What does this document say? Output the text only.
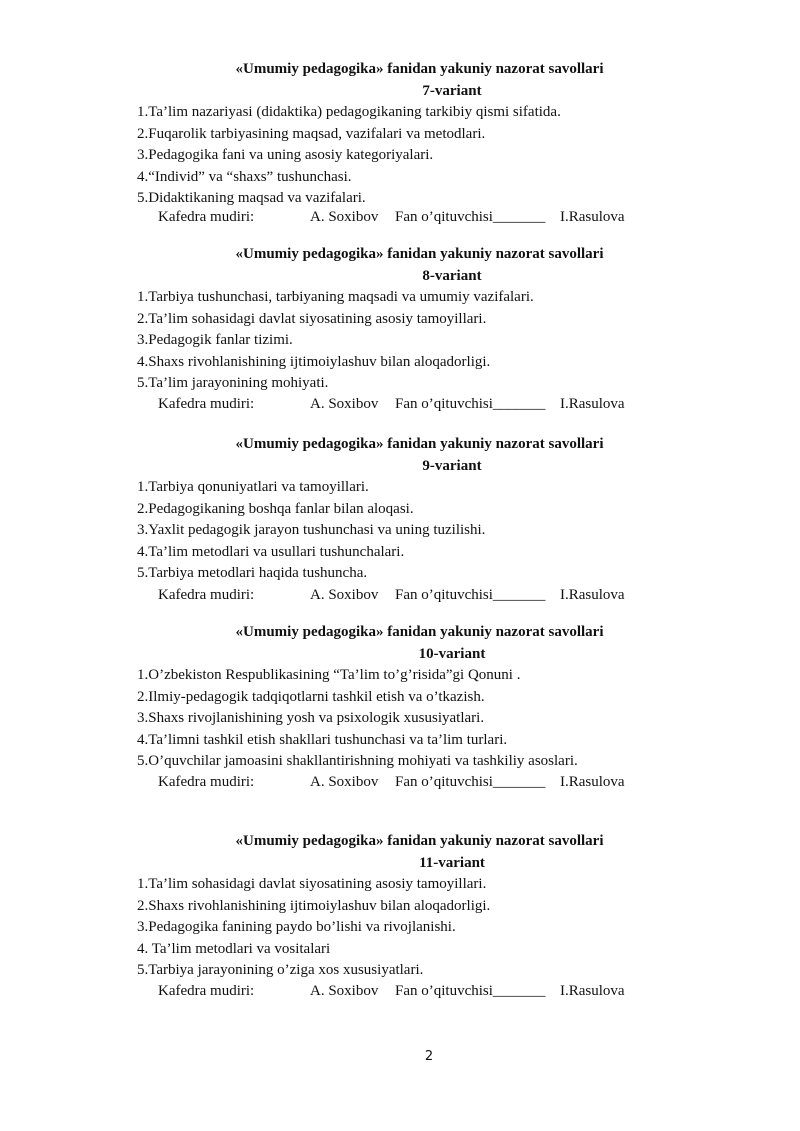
«Umumiy pedagogika» fanidan yakuniy nazorat savollari
7-variant
1.Ta’lim nazariyasi (didaktika) pedagogikaning tarkibiy qismi sifatida.
2.Fuqarolik tarbiyasining maqsad, vazifalari va metodlari.
3.Pedagogika fani va uning asosiy kategoriyalari.
4.“Individ” va “shaxs” tushunchasi.
5.Didaktikaning maqsad va vazifalari.
Kafedra mudiri:	A. Soxibov Fan o’qituvchisi_______ I.Rasulova
«Umumiy pedagogika» fanidan yakuniy nazorat savollari
8-variant
1.Tarbiya tushunchasi, tarbiyaning maqsadi va umumiy vazifalari.
2.Ta’lim sohasidagi davlat siyosatining asosiy tamoyillari.
3.Pedagogik fanlar tizimi.
4.Shaxs rivohlanishining ijtimoiylashuv bilan aloqadorligi.
5.Ta’lim jarayonining mohiyati.
Kafedra mudiri:	A. Soxibov Fan o’qituvchisi_______ I.Rasulova
«Umumiy pedagogika» fanidan yakuniy nazorat savollari
9-variant
1.Tarbiya qonuniyatlari va tamoyillari.
2.Pedagogikaning boshqa fanlar bilan aloqasi.
3.Yaxlit pedagogik jarayon tushunchasi va uning tuzilishi.
4.Ta’lim metodlari va usullari tushunchalari.
5.Tarbiya metodlari haqida tushuncha.
Kafedra mudiri:	A. Soxibov Fan o’qituvchisi_______ I.Rasulova
«Umumiy pedagogika» fanidan yakuniy nazorat savollari
10-variant
1.O’zbekiston Respublikasining “Ta’lim to’g’risida”gi Qonuni .
2.Ilmiy-pedagogik tadqiqotlarni tashkil etish va o’tkazish.
3.Shaxs rivojlanishining yosh va psixologik xususiyatlari.
4.Ta’limni tashkil etish shakllari tushunchasi va ta’lim turlari.
5.O’quvchilar jamoasini shakllantirishning mohiyati va tashkiliy asoslari.
Kafedra mudiri:	A. Soxibov Fan o’qituvchisi_______ I.Rasulova
«Umumiy pedagogika» fanidan yakuniy nazorat savollari
11-variant
1.Ta’lim sohasidagi davlat siyosatining asosiy tamoyillari.
2.Shaxs rivohlanishining ijtimoiylashuv bilan aloqadorligi.
3.Pedagogika fanining paydo bo’lishi va rivojlanishi.
4. Ta’lim metodlari va vositalari
5.Tarbiya jarayonining o’ziga xos xususiyatlari.
Kafedra mudiri:	A. Soxibov Fan o’qituvchisi_______ I.Rasulova
2
